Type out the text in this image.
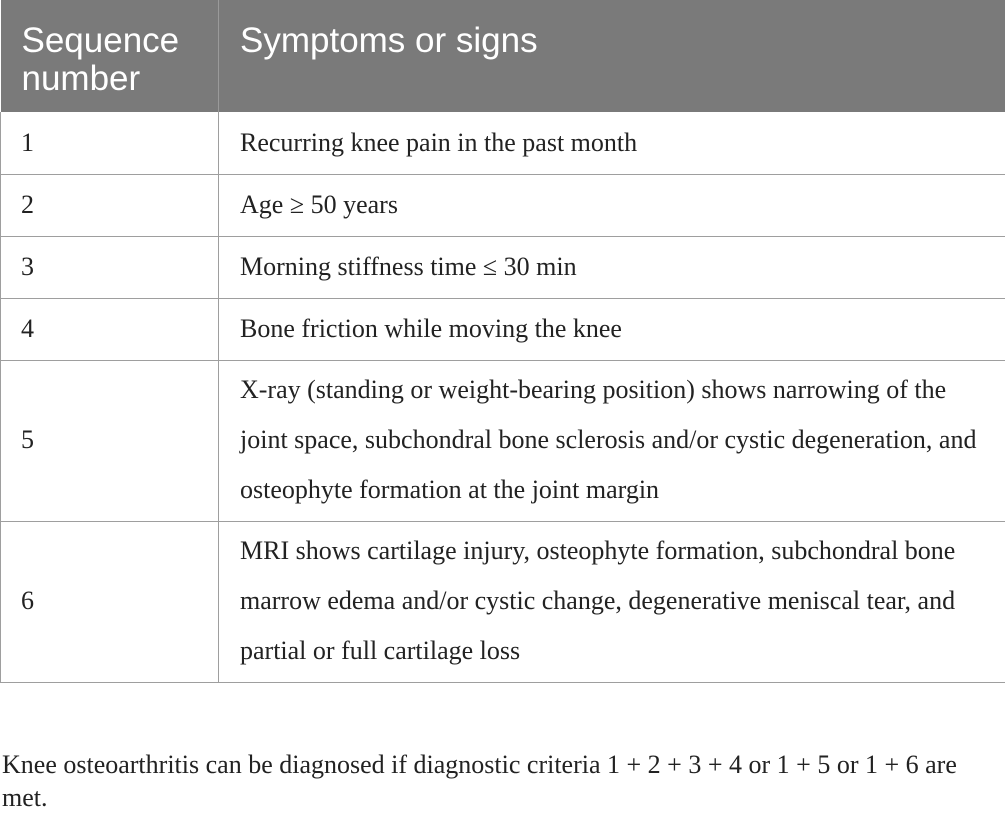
Sequence number	Symptoms or signs
1	Recurring knee pain in the past month
2	Age ≥ 50 years
3	Morning stiffness time ≤ 30 min
4	Bone friction while moving the knee
5	X-ray (standing or weight-bearing position) shows narrowing of the joint space, subchondral bone sclerosis and/or cystic degeneration, and osteophyte formation at the joint margin
6	MRI shows cartilage injury, osteophyte formation, subchondral bone marrow edema and/or cystic change, degenerative meniscal tear, and partial or full cartilage loss

Knee osteoarthritis can be diagnosed if diagnostic criteria 1 + 2 + 3 + 4 or 1 + 5 or 1 + 6 are met.
